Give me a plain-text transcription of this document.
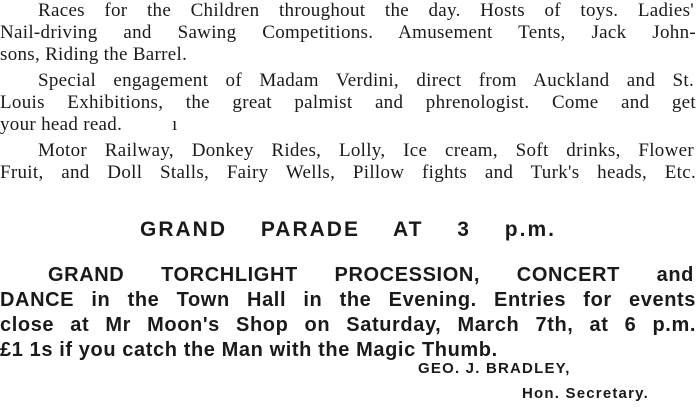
Races for the Children throughout the day. Hosts of toys. Ladies'
Nail-driving and Sawing Competitions. Amusement Tents, Jack John-
sons, Riding the Barrel.
Special engagement of Madam Verdini, direct from Auckland and St.
Louis Exhibitions, the great palmist and phrenologist. Come and get
your head read.	ı
Motor Railway, Donkey Rides, Lolly, Ice cream, Soft drinks, Flower
Fruit, and Doll Stalls, Fairy Wells, Pillow fights and Turk's heads, Etc.
GRAND PARADE AT 3 p.m.
GRAND TORCHLIGHT PROCESSION, CONCERT and
DANCE in the Town Hall in the Evening. Entries for events
close at Mr Moon's Shop on Saturday, March 7th, at 6 p.m.
£1 1s if you catch the Man with the Magic Thumb.
GEO. J. BRADLEY,
Hon. Secretary.
